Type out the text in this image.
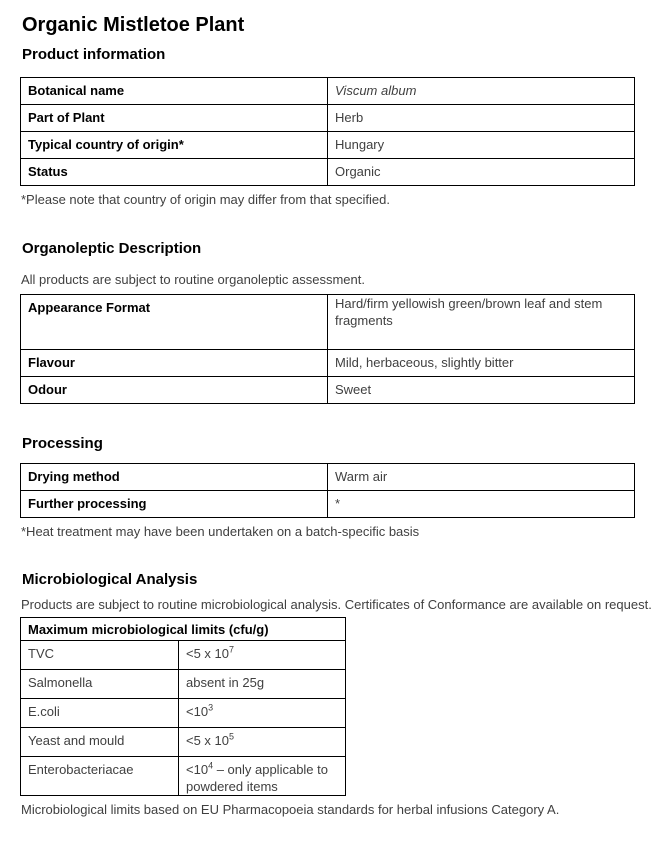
Organic Mistletoe Plant
Product information
Botanical name	Viscum album
Part of Plant	Herb
Typical country of origin*	Hungary
Status	Organic
*Please note that country of origin may differ from that specified.
Organoleptic Description
All products are subject to routine organoleptic assessment.
Appearance Format	Hard/firm yellowish green/brown leaf and stem fragments
Flavour	Mild, herbaceous, slightly bitter
Odour	Sweet
Processing
Drying method	Warm air
Further processing	*
*Heat treatment may have been undertaken on a batch-specific basis
Microbiological Analysis
Products are subject to routine microbiological analysis. Certificates of Conformance are available on request.
Maximum microbiological limits (cfu/g)	
TVC	<5 x $10^7$
Salmonella	absent in 25g
E.coli	$<10^3$
Yeast and mould	<5 x $10^5$
Enterobacteriacae	$<10^4$ – only applicable to powdered items
Microbiological limits based on EU Pharmacopoeia standards for herbal infusions Category A.
